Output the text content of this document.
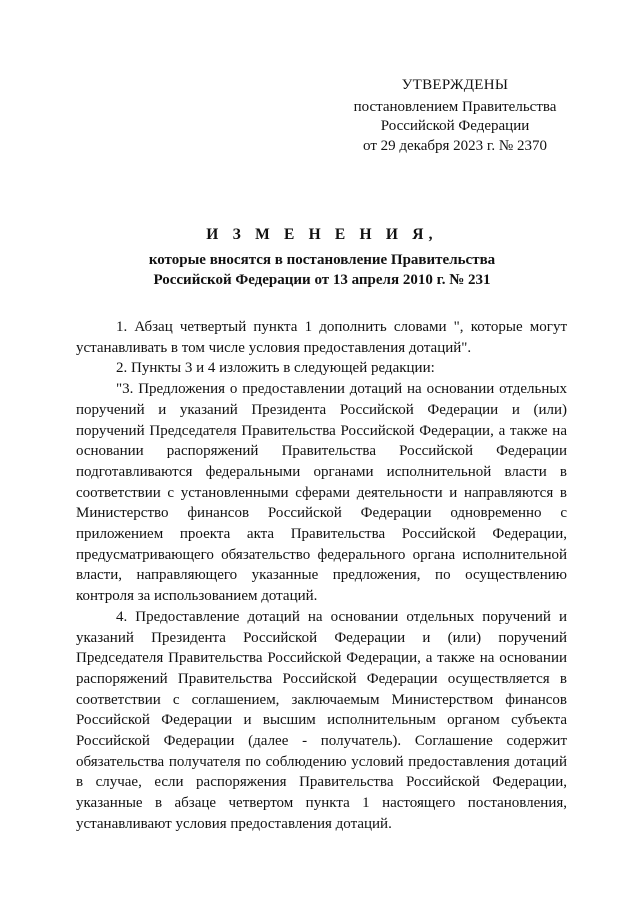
УТВЕРЖДЕНЫ
постановлением Правительства
Российской Федерации
от 29 декабря 2023 г. № 2370
И З М Е Н Е Н И Я,
которые вносятся в постановление Правительства
Российской Федерации от 13 апреля 2010 г. № 231

1. Абзац четвертый пункта 1 дополнить словами ", которые могут устанавливать в том числе условия предоставления дотаций".

2. Пункты 3 и 4 изложить в следующей редакции:

"3. Предложения о предоставлении дотаций на основании отдельных поручений и указаний Президента Российской Федерации и (или) поручений Председателя Правительства Российской Федерации, а также на основании распоряжений Правительства Российской Федерации подготавливаются федеральными органами исполнительной власти в соответствии с установленными сферами деятельности и направляются в Министерство финансов Российской Федерации одновременно с приложением проекта акта Правительства Российской Федерации, предусматривающего обязательство федерального органа исполнительной власти, направляющего указанные предложения, по осуществлению контроля за использованием дотаций.

4. Предоставление дотаций на основании отдельных поручений и указаний Президента Российской Федерации и (или) поручений Председателя Правительства Российской Федерации, а также на основании распоряжений Правительства Российской Федерации осуществляется в соответствии с соглашением, заключаемым Министерством финансов Российской Федерации и высшим исполнительным органом субъекта Российской Федерации (далее - получатель). Соглашение содержит обязательства получателя по соблюдению условий предоставления дотаций в случае, если распоряжения Правительства Российской Федерации, указанные в абзаце четвертом пункта 1 настоящего постановления, устанавливают условия предоставления дотаций.
